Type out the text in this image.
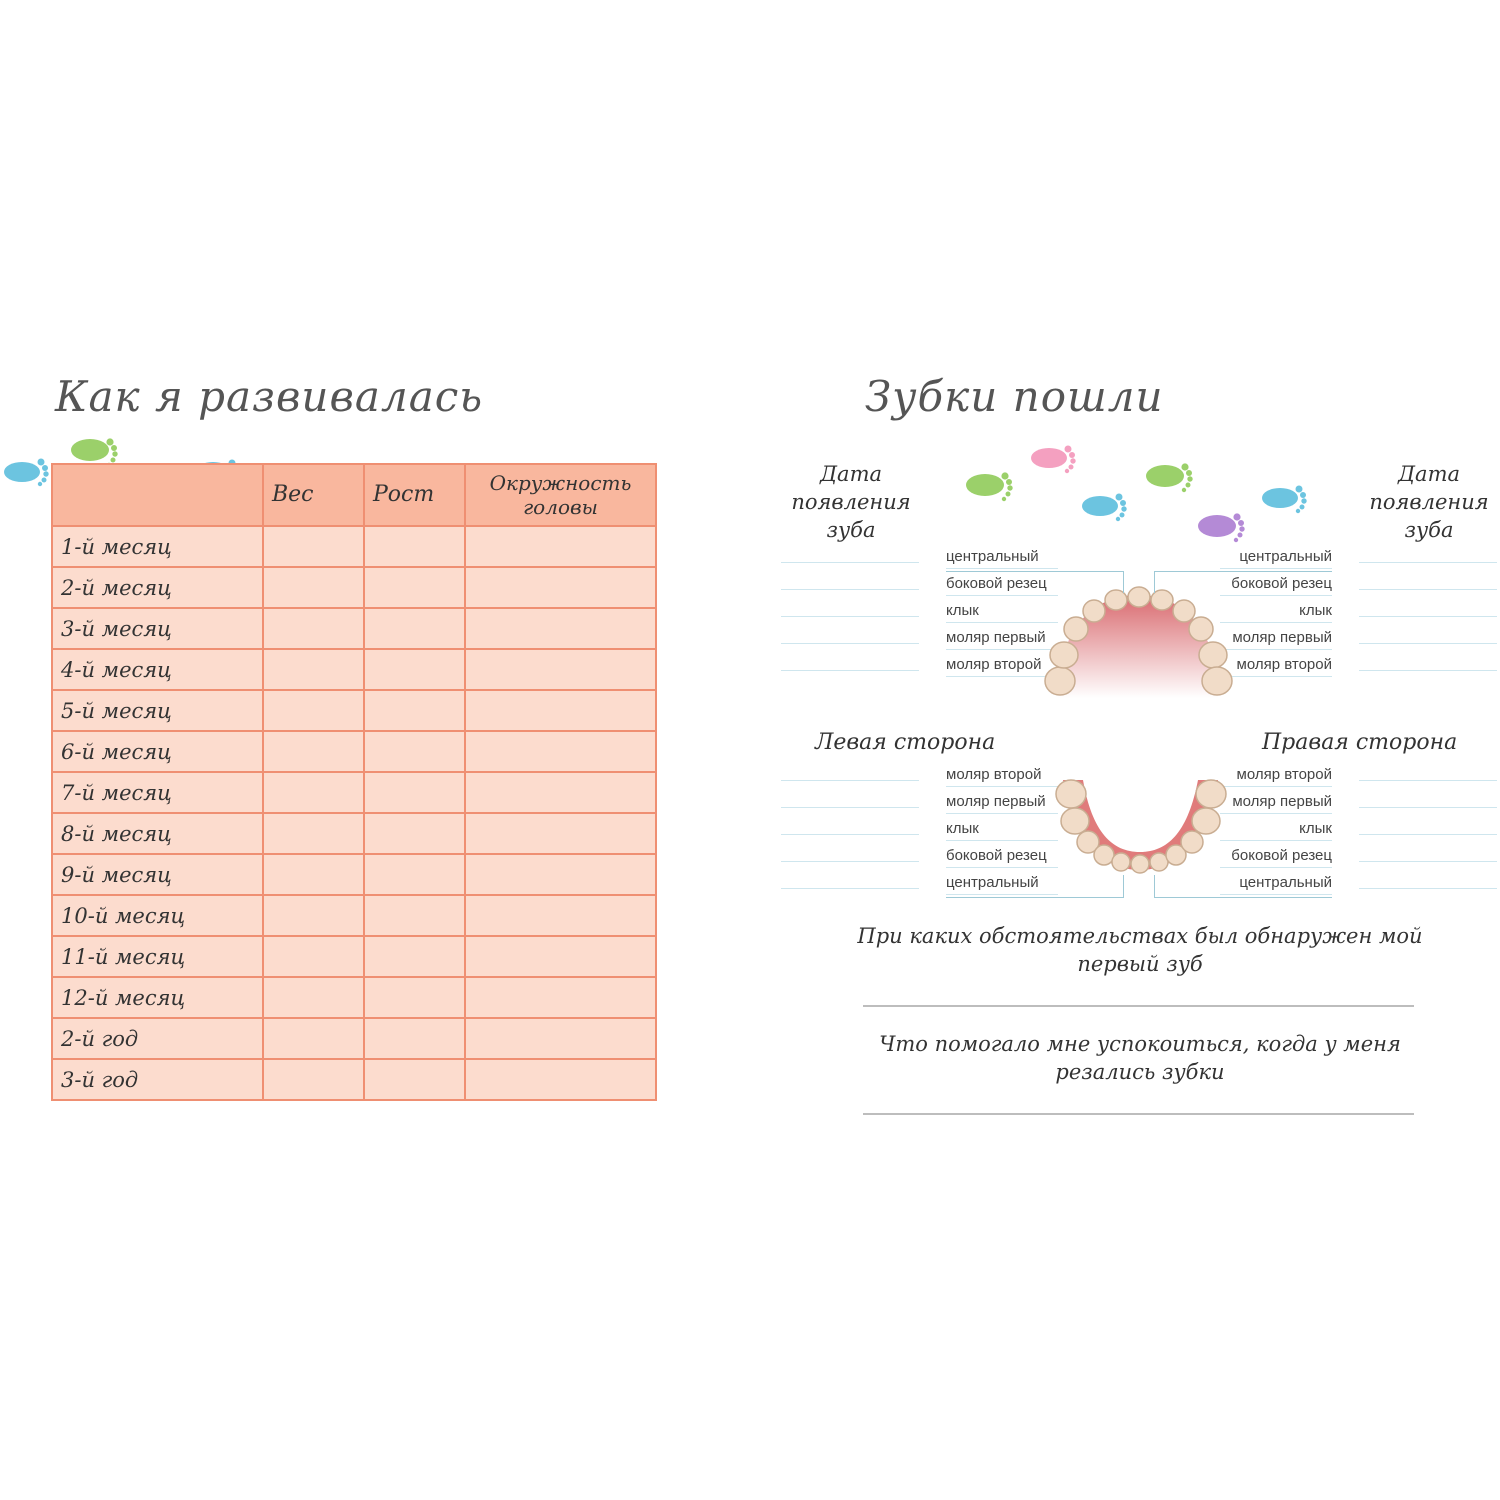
Как я развивалась
	Вес	Рост	Окружность головы
1-й месяц			
2-й месяц			
3-й месяц			
4-й месяц			
5-й месяц			
6-й месяц			
7-й месяц			
8-й месяц			
9-й месяц			
10-й месяц			
11-й месяц			
12-й месяц			
2-й год			
3-й год			
Зубки пошли
Дата появления зуба
Дата появления зуба
центральный
боковой резец
клык
моляр первый
моляр второй
центральный
боковой резец
клык
моляр первый
моляр второй
Левая сторона	Правая сторона
моляр второй
моляр первый
клык
боковой резец
центральный
моляр второй
моляр первый
клык
боковой резец
центральный
При каких обстоятельствах был обнаружен мой первый зуб
Что помогало мне успокоиться, когда у меня резались зубки
